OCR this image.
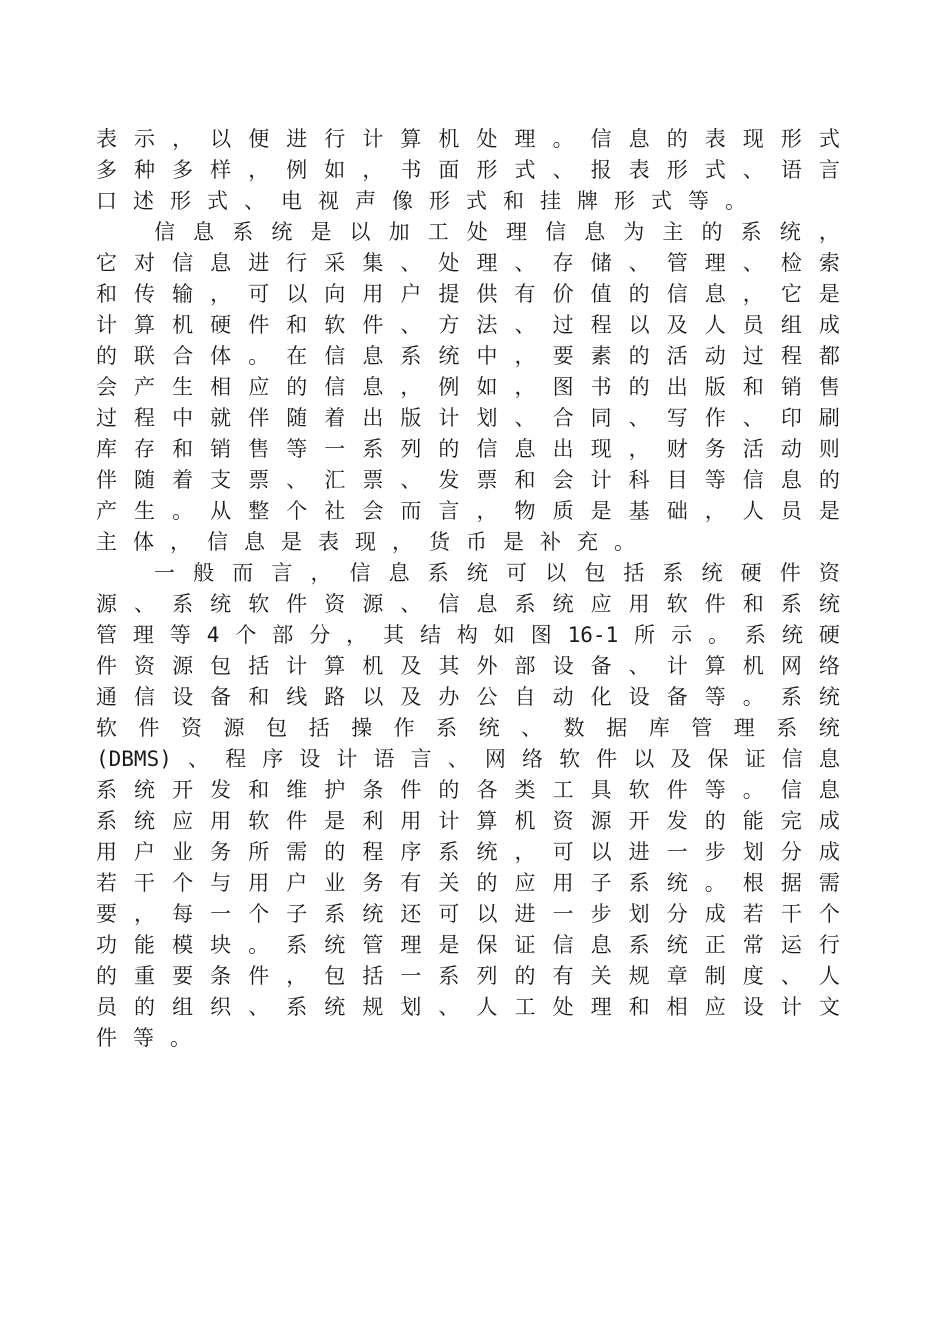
表 示 ， 以 便 进 行 计 算 机 处 理 。 信 息 的 表 现 形 式
多 种 多 样 ， 例 如 ， 书 面 形 式 、 报 表 形 式 、 语 言
口 述 形 式 、 电 视 声 像 形 式 和 挂 牌 形 式 等 。
信 息 系 统 是 以 加 工 处 理 信 息 为 主 的 系 统 ，
它 对 信 息 进 行 采 集 、 处 理 、 存 储 、 管 理 、 检 索
和 传 输 ， 可 以 向 用 户 提 供 有 价 值 的 信 息 ， 它 是
计 算 机 硬 件 和 软 件 、 方 法 、 过 程 以 及 人 员 组 成
的 联 合 体 。 在 信 息 系 统 中 ， 要 素 的 活 动 过 程 都
会 产 生 相 应 的 信 息 ， 例 如 ， 图 书 的 出 版 和 销 售
过 程 中 就 伴 随 着 出 版 计 划 、 合 同 、 写 作 、 印 刷
库 存 和 销 售 等 一 系 列 的 信 息 出 现 ， 财 务 活 动 则
伴 随 着 支 票 、 汇 票 、 发 票 和 会 计 科 目 等 信 息 的
产 生 。 从 整 个 社 会 而 言 ， 物 质 是 基 础 ， 人 员 是
主 体 ， 信 息 是 表 现 ， 货 币 是 补 充 。
一 般 而 言 ， 信 息 系 统 可 以 包 括 系 统 硬 件 资
源 、 系 统 软 件 资 源 、 信 息 系 统 应 用 软 件 和 系 统
管 理 等 4 个 部 分 ， 其 结 构 如 图 16-1 所 示 。 系 统 硬
件 资 源 包 括 计 算 机 及 其 外 部 设 备 、 计 算 机 网 络
通 信 设 备 和 线 路 以 及 办 公 自 动 化 设 备 等 。 系 统
软 件 资 源 包 括 操 作 系 统 、 数 据 库 管 理 系 统
(DBMS) 、 程 序 设 计 语 言 、 网 络 软 件 以 及 保 证 信 息
系 统 开 发 和 维 护 条 件 的 各 类 工 具 软 件 等 。 信 息
系 统 应 用 软 件 是 利 用 计 算 机 资 源 开 发 的 能 完 成
用 户 业 务 所 需 的 程 序 系 统 ， 可 以 进 一 步 划 分 成
若 干 个 与 用 户 业 务 有 关 的 应 用 子 系 统 。 根 据 需
要 ， 每 一 个 子 系 统 还 可 以 进 一 步 划 分 成 若 干 个
功 能 模 块 。 系 统 管 理 是 保 证 信 息 系 统 正 常 运 行
的 重 要 条 件 ， 包 括 一 系 列 的 有 关 规 章 制 度 、 人
员 的 组 织 、 系 统 规 划 、 人 工 处 理 和 相 应 设 计 文
件 等 。
